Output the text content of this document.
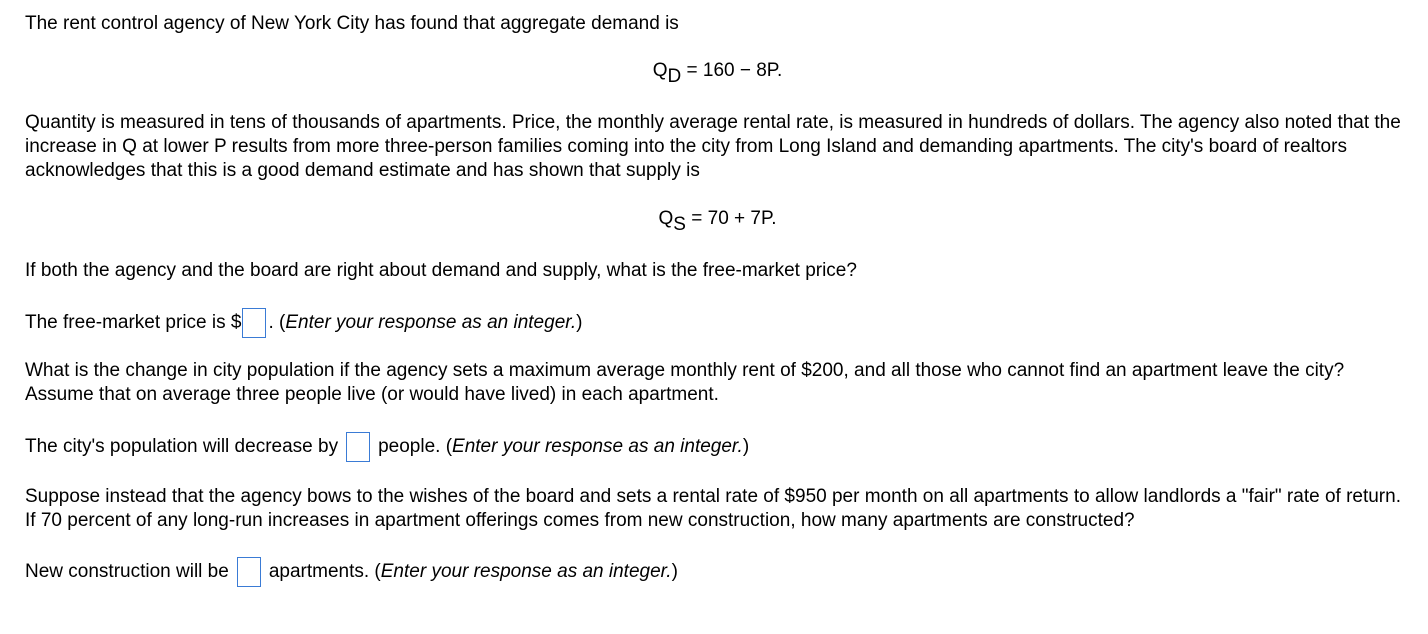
The rent control agency of New York City has found that aggregate demand is

$Q_D = 160 - 8P$.

Quantity is measured in tens of thousands of apartments. Price, the monthly average rental rate, is measured in hundreds of dollars. The agency also noted that the increase in Q at lower P results from more three-person families coming into the city from Long Island and demanding apartments. The city's board of realtors acknowledges that this is a good demand estimate and has shown that supply is

$Q_S = 70 + 7P$.

If both the agency and the board are right about demand and supply, what is the free-market price?

The free-market price is $ . ( Enter your response as an integer. )

What is the change in city population if the agency sets a maximum average monthly rent of $200, and all those who cannot find an apartment leave the city? Assume that on average three people live (or would have lived) in each apartment.

The city's population will decrease by people. ( Enter your response as an integer. )

Suppose instead that the agency bows to the wishes of the board and sets a rental rate of $950 per month on all apartments to allow landlords a "fair" rate of return. If 70 percent of any long-run increases in apartment offerings comes from new construction, how many apartments are constructed?

New construction will be apartments. ( Enter your response as an integer. )
